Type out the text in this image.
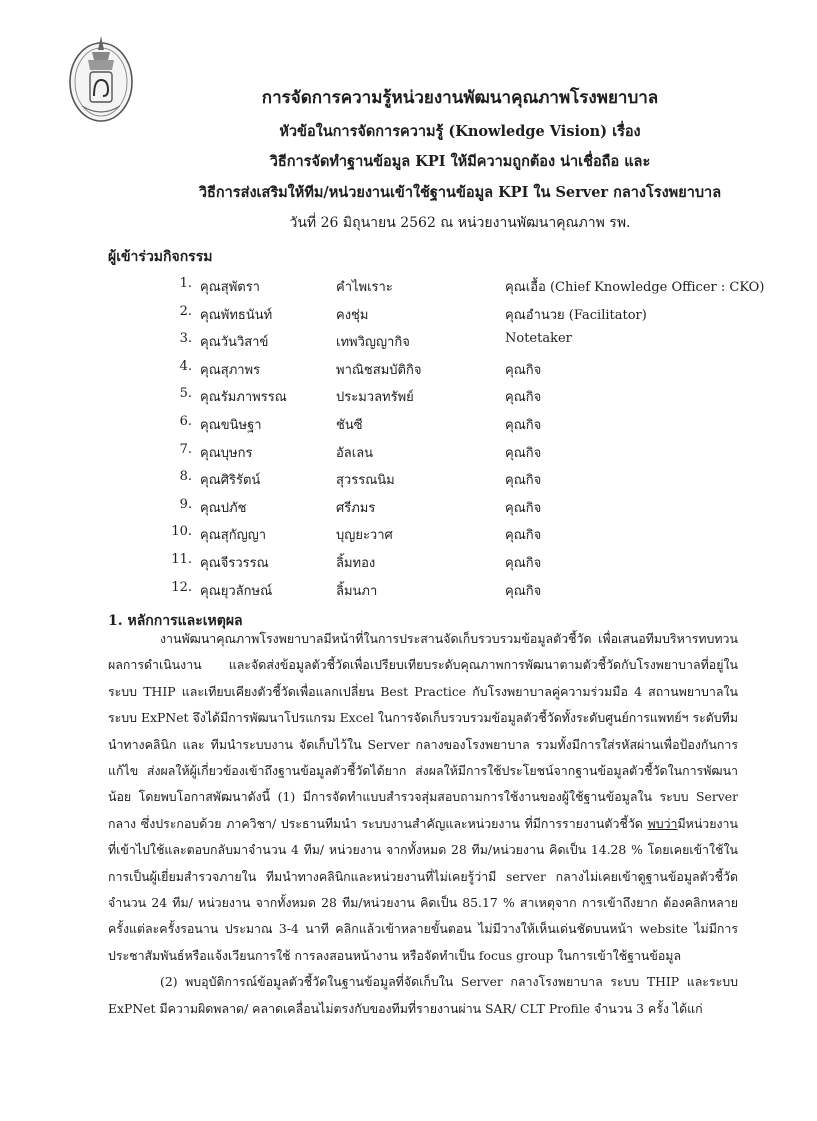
การจัดการความรู้หน่วยงานพัฒนาคุณภาพโรงพยาบาล
หัวข้อในการจัดการความรู้ (Knowledge Vision) เรื่อง
วิธีการจัดทำฐานข้อมูล KPI ให้มีความถูกต้อง น่าเชื่อถือ และ
วิธีการส่งเสริมให้ทีม/หน่วยงานเข้าใช้ฐานข้อมูล KPI ใน Server กลางโรงพยาบาล
วันที่ 26 มิถุนายน 2562 ณ หน่วยงานพัฒนาคุณภาพ รพ.
ผู้เข้าร่วมกิจกรรม
1. คุณสุพัตรา	คำไพเราะ	คุณเอื้อ (Chief Knowledge Officer : CKO)
2. คุณพัทธนันท์	คงชุ่ม	คุณอำนวย (Facilitator)
3. คุณวันวิสาข์	เทพวิญญากิจ	Notetaker
4. คุณสุภาพร	พาณิชสมบัติกิจ	คุณกิจ
5. คุณรัมภาพรรณ	ประมวลทรัพย์	คุณกิจ
6. คุณขนิษฐา	ชันซี	คุณกิจ
7. คุณบุษกร	อัลเลน	คุณกิจ
8. คุณศิริรัตน์	สุวรรณนิม	คุณกิจ
9. คุณปภัช	ศรีภมร	คุณกิจ
10. คุณสุกัญญา	บุญยะวาศ	คุณกิจ
11. คุณจีรวรรณ	ลิ้มทอง	คุณกิจ
12. คุณยุวลักษณ์	ลิ้มนภา	คุณกิจ
1. หลักการและเหตุผล

งานพัฒนาคุณภาพโรงพยาบาลมีหน้าที่ในการประสานจัดเก็บรวบรวมข้อมูลตัวชี้วัด เพื่อเสนอทีมบริหารทบทวนผลการดำเนินงาน และจัดส่งข้อมูลตัวชี้วัดเพื่อเปรียบเทียบระดับคุณภาพการพัฒนาตามตัวชี้วัดกับโรงพยาบาลที่อยู่ในระบบ THIP และเทียบเคียงตัวชี้วัดเพื่อแลกเปลี่ยน Best Practice กับโรงพยาบาลคู่ความร่วมมือ 4 สถานพยาบาลในระบบ ExPNet จึงได้มีการพัฒนาโปรแกรม Excel ในการจัดเก็บรวบรวมข้อมูลตัวชี้วัดทั้งระดับศูนย์การแพทย์ฯ ระดับทีมนำทางคลินิก และ ทีมนำระบบงาน จัดเก็บไว้ใน Server กลางของโรงพยาบาล รวมทั้งมีการใส่รหัสผ่านเพื่อป้องกันการแก้ไข ส่งผลให้ผู้เกี่ยวข้องเข้าถึงฐานข้อมูลตัวชี้วัดได้ยาก ส่งผลให้มีการใช้ประโยชน์จากฐานข้อมูลตัวชี้วัดในการพัฒนาน้อย โดยพบโอกาสพัฒนาดังนี้ (1) มีการจัดทำแบบสำรวจสุ่มสอบถามการใช้งานของผู้ใช้ฐานข้อมูลใน ระบบ Server กลาง ซึ่งประกอบด้วย ภาควิชา/ ประธานทีมนำ ระบบงานสำคัญและหน่วยงาน ที่มีการรายงานตัวชี้วัด พบว่ามีหน่วยงานที่เข้าไปใช้และตอบกลับมาจำนวน 4 ทีม/ หน่วยงาน จากทั้งหมด 28 ทีม/หน่วยงาน คิดเป็น 14.28 % โดยเคยเข้าใช้ในการเป็นผู้เยี่ยมสำรวจภายใน ทีมนำทางคลินิกและหน่วยงานที่ไม่เคยรู้ว่ามี server กลางไม่เคยเข้าดูฐานข้อมูลตัวชี้วัด จำนวน 24 ทีม/ หน่วยงาน จากทั้งหมด 28 ทีม/หน่วยงาน คิดเป็น 85.17 % สาเหตุจาก การเข้าถึงยาก ต้องคลิกหลายครั้งแต่ละครั้งรอนาน ประมาณ 3-4 นาที คลิกแล้วเข้าหลายขั้นตอน ไม่มีวางให้เห็นเด่นชัดบนหน้า website ไม่มีการประชาสัมพันธ์หรือแจ้งเวียนการใช้ การลงสอนหน้างาน หรือจัดทำเป็น focus group ในการเข้าใช้ฐานข้อมูล

(2) พบอุบัติการณ์ข้อมูลตัวชี้วัดในฐานข้อมูลที่จัดเก็บใน Server กลางโรงพยาบาล ระบบ THIP และระบบ ExPNet มีความผิดพลาด/ คลาดเคลื่อนไม่ตรงกับของทีมที่รายงานผ่าน SAR/ CLT Profile จำนวน 3 ครั้ง ได้แก่
